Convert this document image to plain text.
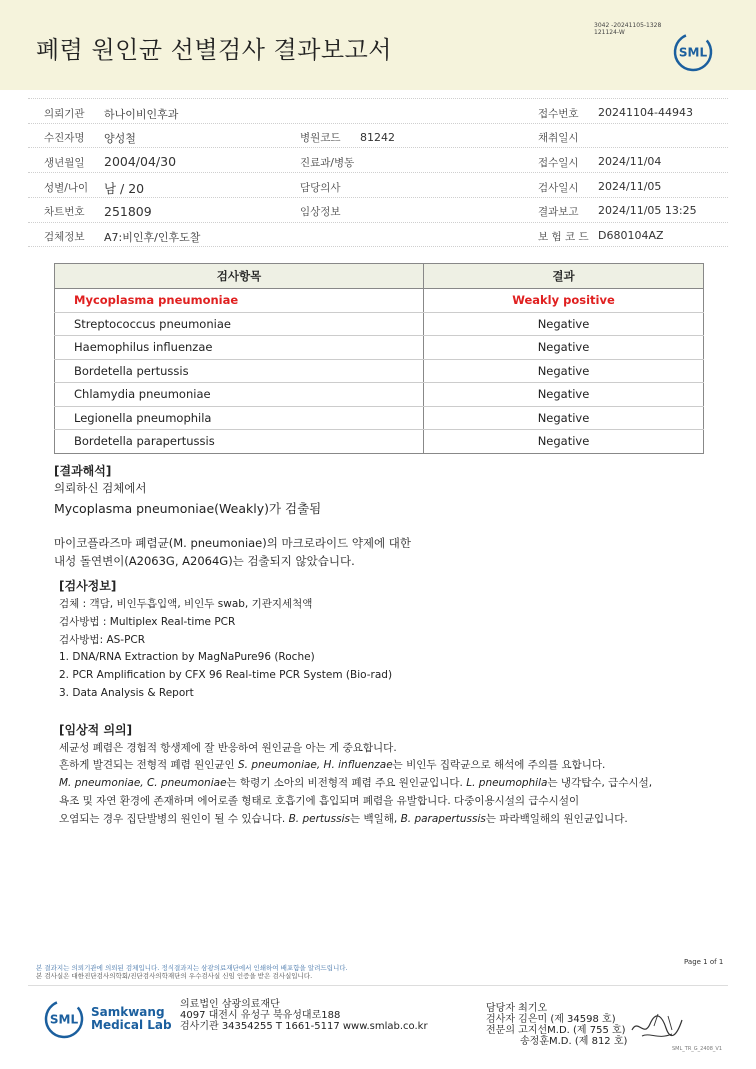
폐렴 원인균 선별검사 결과보고서
3042 -20241105-1328
121124-W
SML
의뢰기관 하나이비인후과	접수번호 20241104-44943
수진자명 양성철	병원코드 81242	채취일시
생년월일 2004/04/30	진료과/병동	접수일시 2024/11/04
성별/나이 남 / 20	담당의사	검사일시 2024/11/05
차트번호 251809	임상정보	결과보고 2024/11/05 13:25
검체정보 A7:비인후/인후도찰	보 험 코 드 D680104AZ
검사항목	결과
Mycoplasma pneumoniae	Weakly positive
Streptococcus pneumoniae	Negative
Haemophilus influenzae	Negative
Bordetella pertussis	Negative
Chlamydia pneumoniae	Negative
Legionella pneumophila	Negative
Bordetella parapertussis	Negative
[결과해석]
의뢰하신 검체에서
Mycoplasma pneumoniae(Weakly)가 검출됨
마이코플라즈마 폐렴균(M. pneumoniae)의 마크로라이드 약제에 대한
내성 돌연변이(A2063G, A2064G)는 검출되지 않았습니다.
[검사정보]
검체 : 객담, 비인두흡입액, 비인두 swab, 기관지세척액
검사방법 : Multiplex Real-time PCR
검사방법: AS-PCR
1. DNA/RNA Extraction by MagNaPure96 (Roche)
2. PCR Amplification by CFX 96 Real-time PCR System (Bio-rad)
3. Data Analysis & Report
[임상적 의의]
세균성 폐렴은 경험적 항생제에 잘 반응하여 원인균을 아는 게 중요합니다.
흔하게 발견되는 전형적 폐렴 원인균인 S. pneumoniae, H. influenzae는 비인두 집락균으로 해석에 주의를 요합니다.
M. pneumoniae, C. pneumoniae는 학령기 소아의 비전형적 폐렴 주요 원인균입니다. L. pneumophila는 냉각탑수, 급수시설,
욕조 및 자연 환경에 존재하며 에어로졸 형태로 호흡기에 흡입되며 폐렴을 유발합니다. 다중이용시설의 급수시설이
오염되는 경우 집단발병의 원인이 될 수 있습니다. B. pertussis는 백일해, B. parapertussis는 파라백일해의 원인균입니다.
본 결과지는 의뢰기관에 의뢰된 검체입니다. 정식결과지는 삼광의료재단에서 인쇄하여 배포함을 알려드립니다.
본 검사실은 대한진단검사의학회/진단검사의학재단의 우수검사실 신임 인증을 받은 검사실입니다.
Page 1 of 1
SML
Samkwang
Medical Lab
의료법인 삼광의료재단
4097 대전시 유성구 북유성대로188
검사기관 34354255 T 1661-5117 www.smlab.co.kr
담당자 최기오
검사자 김은미 (제 34598 호)
전문의 고지선M.D. (제 755 호)
송정훈M.D. (제 812 호)
SML_TR_G_2408_V1
